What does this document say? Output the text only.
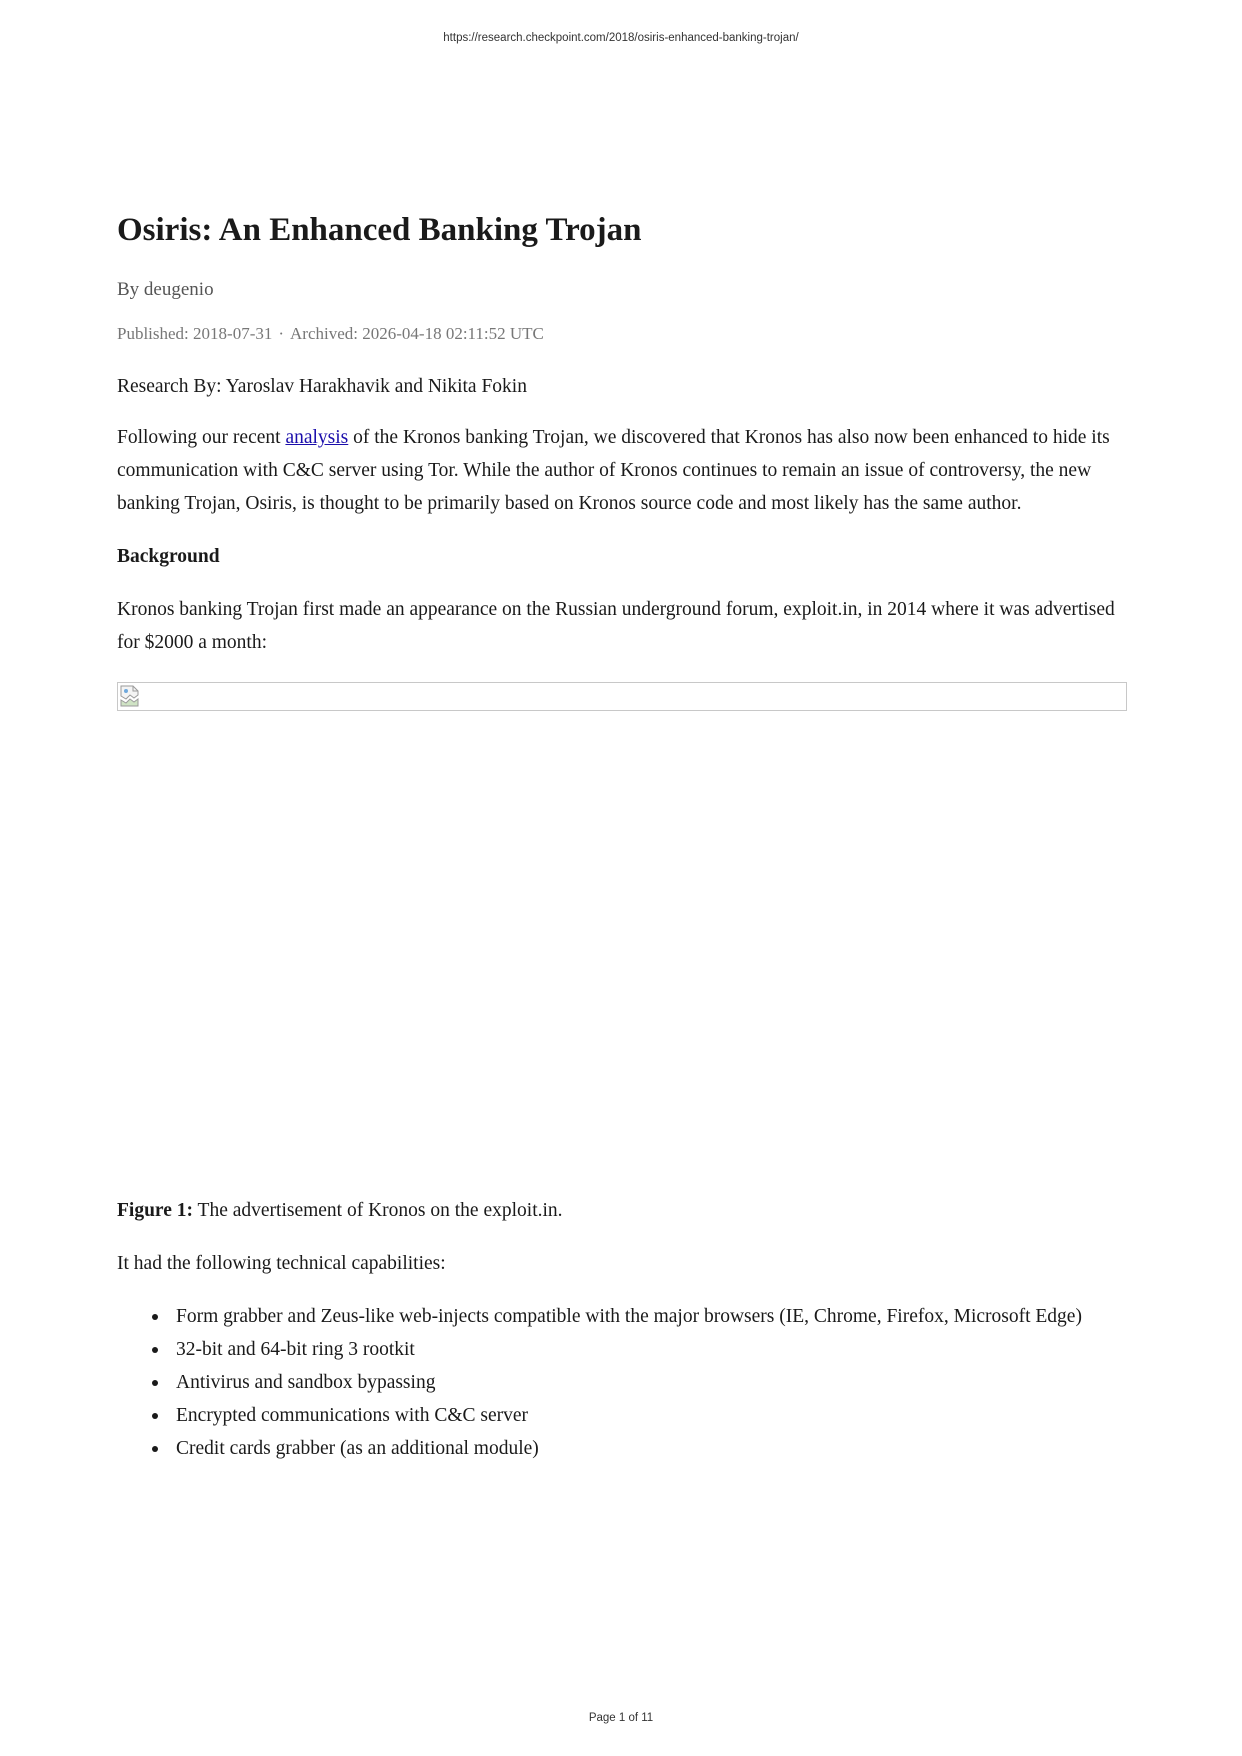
https://research.checkpoint.com/2018/osiris-enhanced-banking-trojan/
Osiris: An Enhanced Banking Trojan
By deugenio
Published: 2018-07-31 · Archived: 2026-04-18 02:11:52 UTC

Research By: Yaroslav Harakhavik and Nikita Fokin

Following our recent analysis of the Kronos banking Trojan, we discovered that Kronos has also now been enhanced to hide its communication with C&C server using Tor. While the author of Kronos continues to remain an issue of controversy, the new banking Trojan, Osiris, is thought to be primarily based on Kronos source code and most likely has the same author.

Background

Kronos banking Trojan first made an appearance on the Russian underground forum, exploit.in, in 2014 where it was advertised for $2000 a month:

Figure 1: The advertisement of Kronos on the exploit.in.

It had the following technical capabilities:

Form grabber and Zeus-like web-injects compatible with the major browsers (IE, Chrome, Firefox, Microsoft Edge)
32-bit and 64-bit ring 3 rootkit
Antivirus and sandbox bypassing
Encrypted communications with C&C server
Credit cards grabber (as an additional module)
Page 1 of 11
